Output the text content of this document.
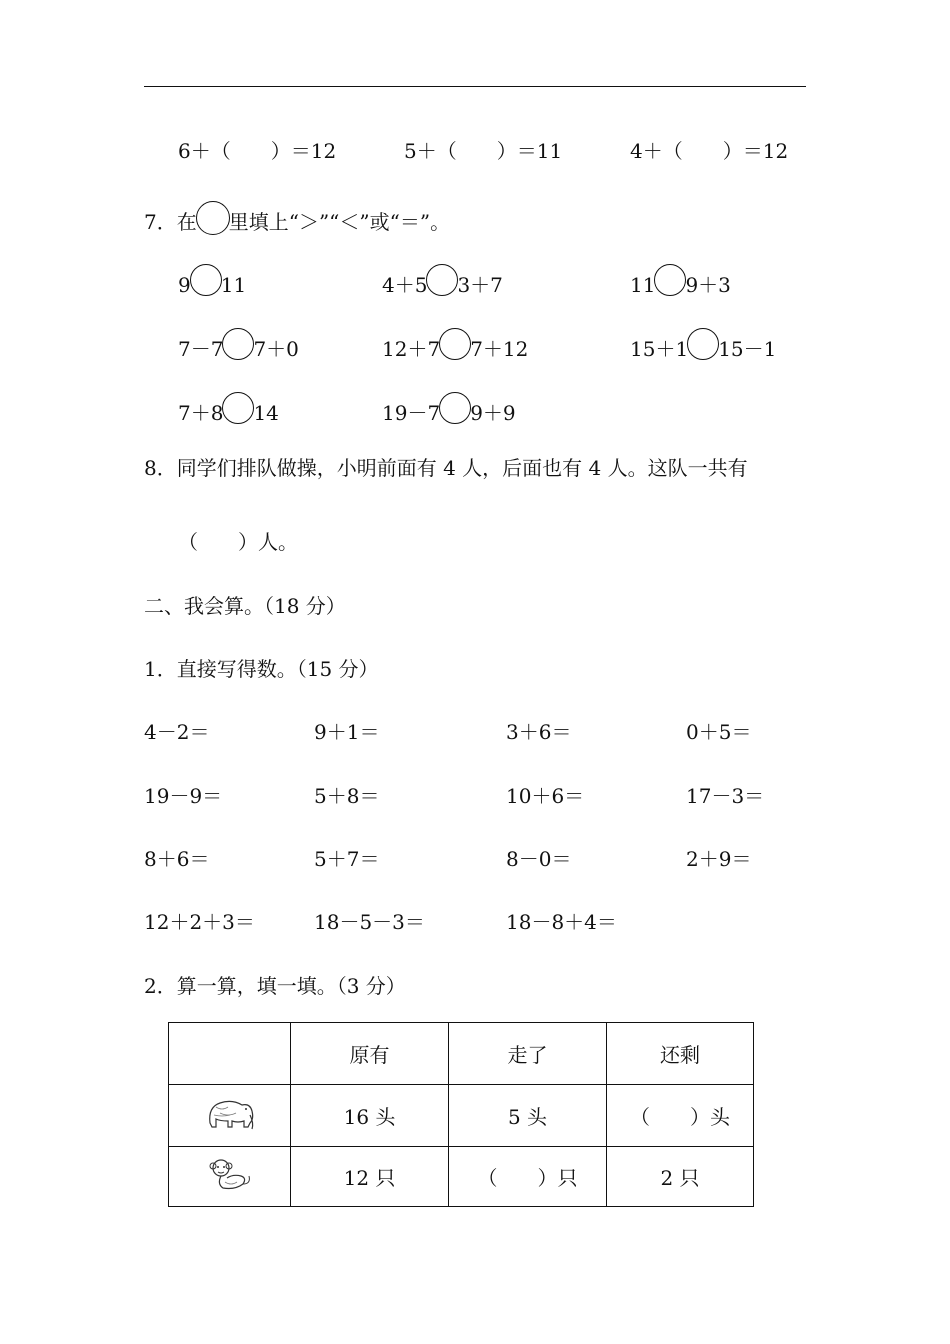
6＋（　　）＝12	5＋（　　）＝11	4＋（　　）＝12
7．在 里填上“＞”“＜”或“＝”。
9 11	4＋5 3＋7	11 9＋3
7－7 7＋0	12＋7 7＋12	15＋1 15－1
7＋8 14	19－7 9＋9
8．同学们排队做操，小明前面有 4 人，后面也有 4 人。这队一共有
（　　）人。
二、我会算。（18 分）
1．直接写得数。（15 分）
4－2＝	9＋1＝	3＋6＝	0＋5＝
19－9＝	5＋8＝	10＋6＝	17－3＝
8＋6＝	5＋7＝	8－0＝	2＋9＝
12＋2＋3＝	18－5－3＝	18－8＋4＝
2．算一算，填一填。（3 分）
	原有	走了	还剩

	16 头	5 头	（　　）头

	12 只	（　　）只	2 只
